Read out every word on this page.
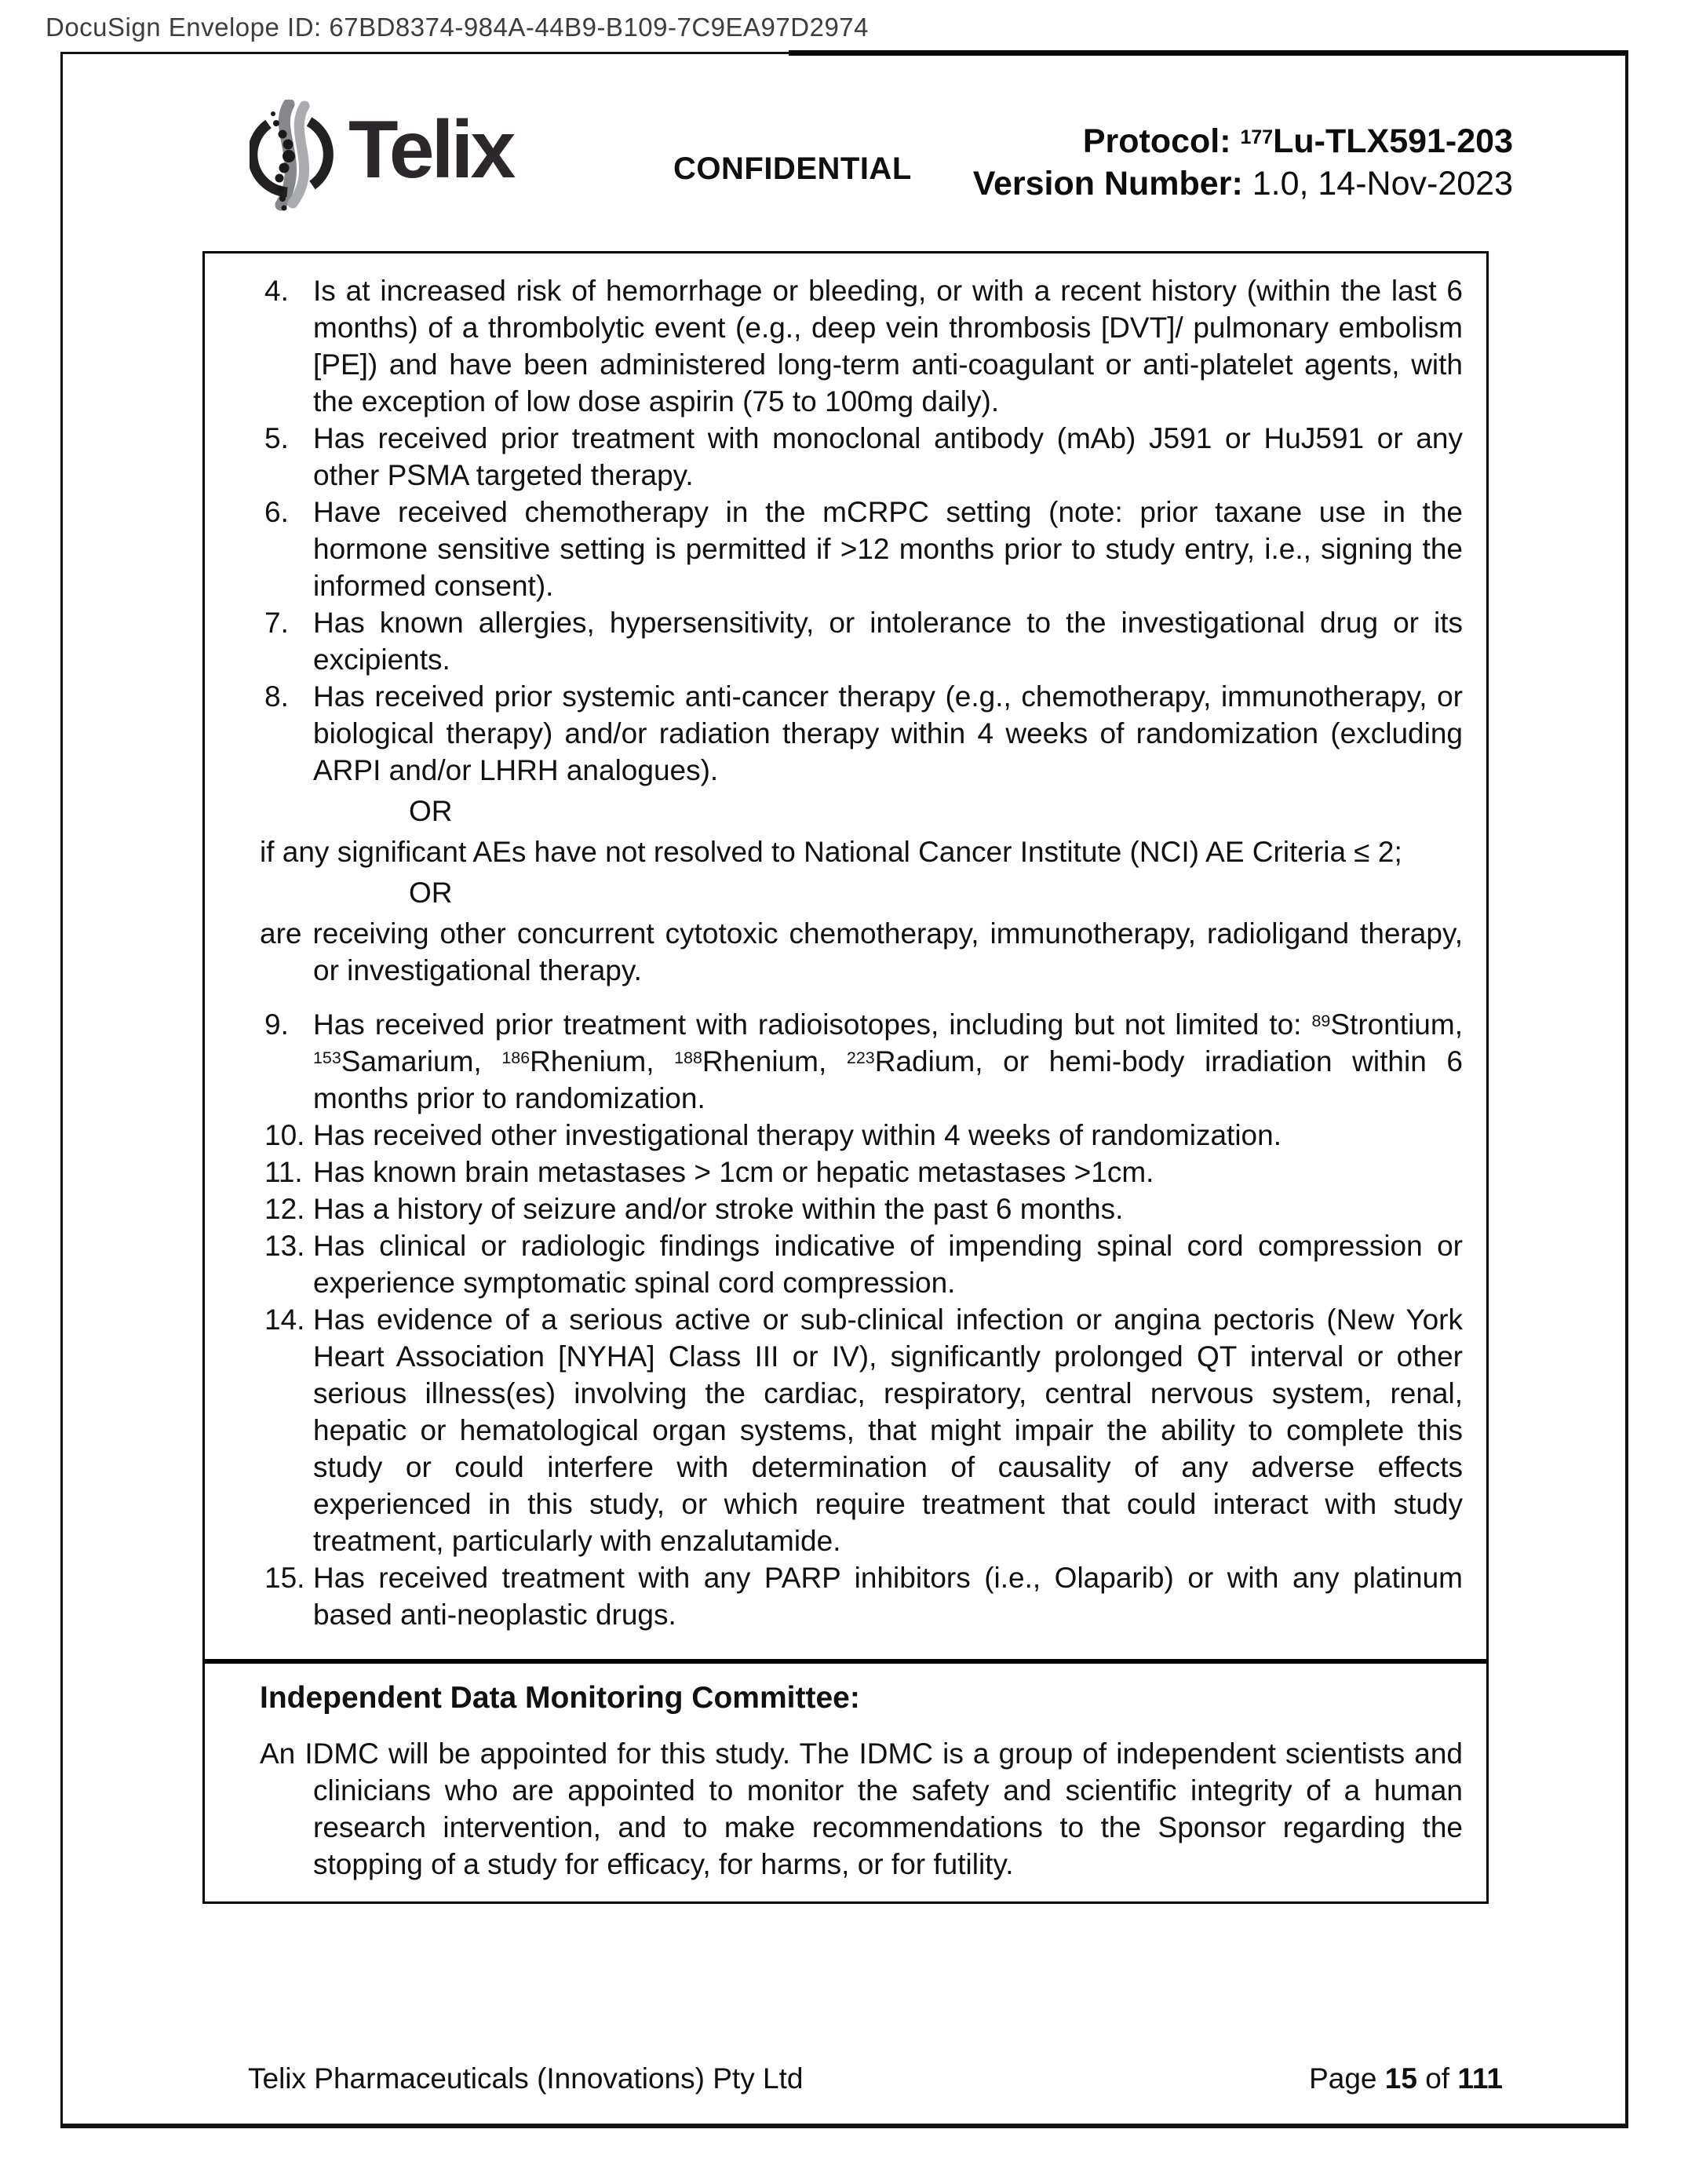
DocuSign Envelope ID: 67BD8374-984A-44B9-B109-7C9EA97D2974
Telix	CONFIDENTIAL
Protocol: $^{177}$Lu-TLX591-203
Version Number: 1.0, 14-Nov-2023
4. Is at increased risk of hemorrhage or bleeding, or with a recent history (within the last 6 months) of a thrombolytic event (e.g., deep vein thrombosis [DVT]/ pulmonary embolism [PE]) and have been administered long-term anti-coagulant or anti-platelet agents, with the exception of low dose aspirin (75 to 100mg daily).
5. Has received prior treatment with monoclonal antibody (mAb) J591 or HuJ591 or any other PSMA targeted therapy.
6. Have received chemotherapy in the mCRPC setting (note: prior taxane use in the hormone sensitive setting is permitted if >12 months prior to study entry, i.e., signing the informed consent).
7. Has known allergies, hypersensitivity, or intolerance to the investigational drug or its excipients.
8. Has received prior systemic anti-cancer therapy (e.g., chemotherapy, immunotherapy, or biological therapy) and/or radiation therapy within 4 weeks of randomization (excluding ARPI and/or LHRH analogues).
OR
if any significant AEs have not resolved to National Cancer Institute (NCI) AE Criteria ≤ 2;
OR
are receiving other concurrent cytotoxic chemotherapy, immunotherapy, radioligand therapy, or investigational therapy.
9. Has received prior treatment with radioisotopes, including but not limited to: $^{89}$Strontium, $^{153}$Samarium, $^{186}$Rhenium, $^{188}$Rhenium, $^{223}$Radium, or hemi-body irradiation within 6 months prior to randomization.
10. Has received other investigational therapy within 4 weeks of randomization.
11. Has known brain metastases > 1cm or hepatic metastases >1cm.
12. Has a history of seizure and/or stroke within the past 6 months.
13. Has clinical or radiologic findings indicative of impending spinal cord compression or experience symptomatic spinal cord compression.
14. Has evidence of a serious active or sub-clinical infection or angina pectoris (New York Heart Association [NYHA] Class III or IV), significantly prolonged QT interval or other serious illness(es) involving the cardiac, respiratory, central nervous system, renal, hepatic or hematological organ systems, that might impair the ability to complete this study or could interfere with determination of causality of any adverse effects experienced in this study, or which require treatment that could interact with study treatment, particularly with enzalutamide.
15. Has received treatment with any PARP inhibitors (i.e., Olaparib) or with any platinum based anti-neoplastic drugs.
Independent Data Monitoring Committee:
An IDMC will be appointed for this study. The IDMC is a group of independent scientists and clinicians who are appointed to monitor the safety and scientific integrity of a human research intervention, and to make recommendations to the Sponsor regarding the stopping of a study for efficacy, for harms, or for futility.
Telix Pharmaceuticals (Innovations) Pty Ltd	Page 15 of 111
